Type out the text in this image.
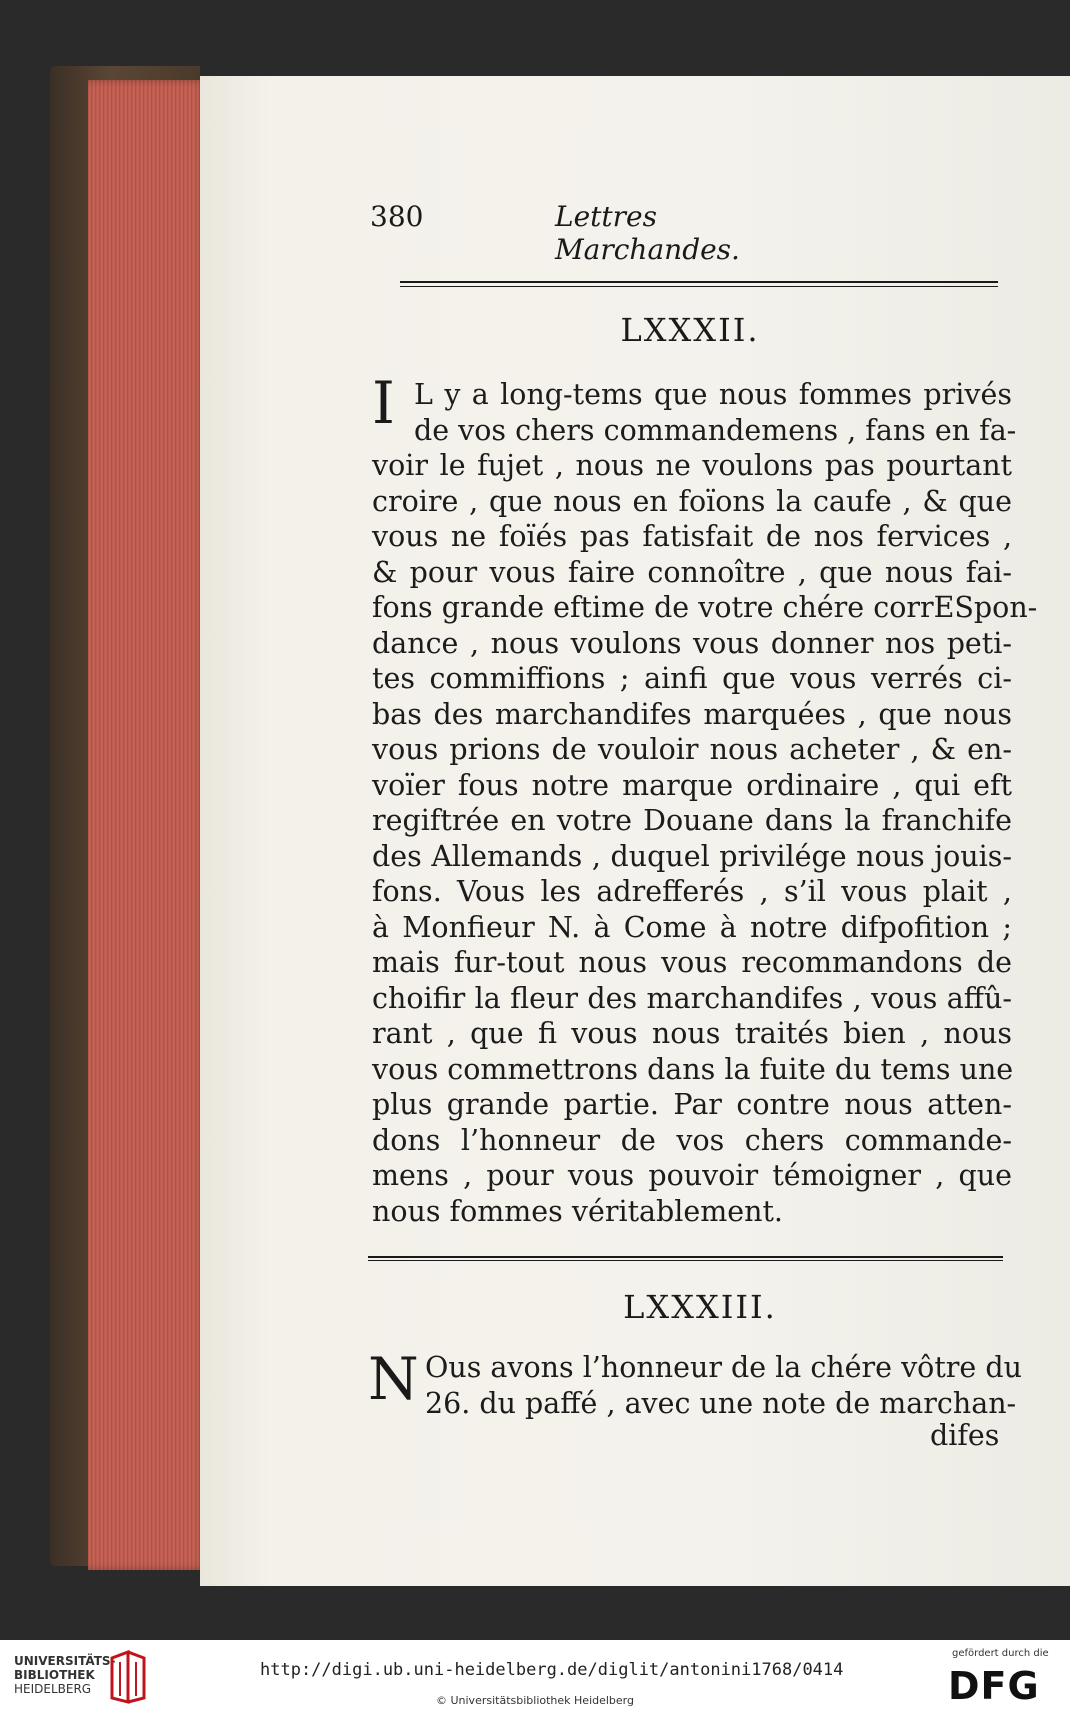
380	Lettres Marchandes.
LXXXII.
I L y a long-tems que nous fommes privés
de vos chers commandemens , fans en fa-
voir le fujet , nous ne voulons pas pourtant
croire , que nous en foïons la caufe , & que
vous ne foïés pas fatisfait de nos fervices ,
& pour vous faire connoître , que nous fai-
fons grande eftime de votre chére corrESpon-
dance , nous voulons vous donner nos peti-
tes commiffions ; ainfi que vous verrés ci-
bas des marchandifes marquées , que nous
vous prions de vouloir nous acheter , & en-
voïer fous notre marque ordinaire , qui eft
regiftrée en votre Douane dans la franchife
des Allemands , duquel privilége nous jouis-
fons. Vous les adrefferés , s’il vous plait ,
à Monfieur N. à Come à notre difpofition ;
mais fur-tout nous vous recommandons de
choifir la fleur des marchandifes , vous affû-
rant , que fi vous nous traités bien , nous
vous commettrons dans la fuite du tems une
plus grande partie. Par contre nous atten-
dons l’honneur de vos chers commande-
mens , pour vous pouvoir témoigner , que
nous fommes véritablement.
LXXXIII.
N Ous avons l’honneur de la chére vôtre du
26. du paffé , avec une note de marchan-
difes
UNIVERSITÄTS-
BIBLIOTHEK
HEIDELBERG
http://digi.ub.uni-heidelberg.de/diglit/antonini1768/0414
© Universitätsbibliothek Heidelberg
gefördert durch die
DFG
